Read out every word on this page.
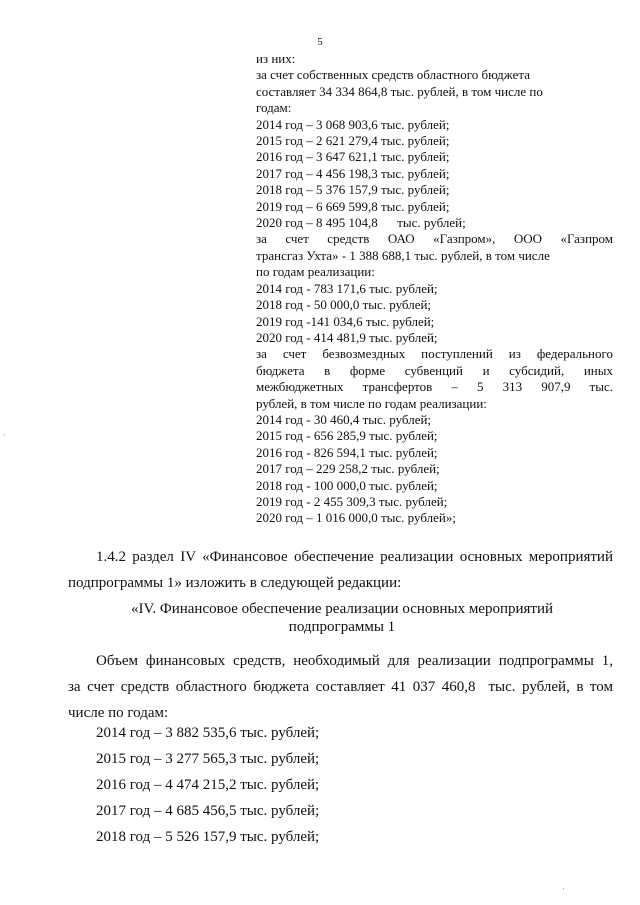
5
из них:
за счет собственных средств областного бюджета
составляет 34 334 864,8 тыс. рублей, в том числе по
годам:
2014 год – 3 068 903,6 тыс. рублей;
2015 год – 2 621 279,4 тыс. рублей;
2016 год – 3 647 621,1 тыс. рублей;
2017 год – 4 456 198,3 тыс. рублей;
2018 год – 5 376 157,9 тыс. рублей;
2019 год – 6 669 599,8 тыс. рублей;
2020 год – 8 495 104,8      тыс. рублей;
за счет средств ОАО «Газпром», ООО «Газпром
трансгаз Ухта» - 1 388 688,1 тыс. рублей, в том числе
по годам реализации:
2014 год - 783 171,6 тыс. рублей;
2018 год - 50 000,0 тыс. рублей;
2019 год -141 034,6 тыс. рублей;
2020 год - 414 481,9 тыс. рублей;
за счет безвозмездных поступлений из федерального
бюджета в форме субвенций и субсидий, иных
межбюджетных трансфертов – 5 313 907,9 тыс.
рублей, в том числе по годам реализации:
2014 год - 30 460,4 тыс. рублей;
2015 год - 656 285,9 тыс. рублей;
2016 год - 826 594,1 тыс. рублей;
2017 год – 229 258,2 тыс. рублей;
2018 год - 100 000,0 тыс. рублей;
2019 год - 2 455 309,3 тыс. рублей;
2020 год – 1 016 000,0 тыс. рублей»;
1.4.2 раздел IV «Финансовое обеспечение реализации основных мероприятий
подпрограммы 1» изложить в следующей редакции:
«IV. Финансовое обеспечение реализации основных мероприятий
подпрограммы 1
Объем финансовых средств, необходимый для реализации подпрограммы 1,
за счет средств областного бюджета составляет 41 037 460,8  тыс. рублей, в том
числе по годам:
2014 год – 3 882 535,6 тыс. рублей;
2015 год – 3 277 565,3 тыс. рублей;
2016 год – 4 474 215,2 тыс. рублей;
2017 год – 4 685 456,5 тыс. рублей;
2018 год – 5 526 157,9 тыс. рублей;
·
·
